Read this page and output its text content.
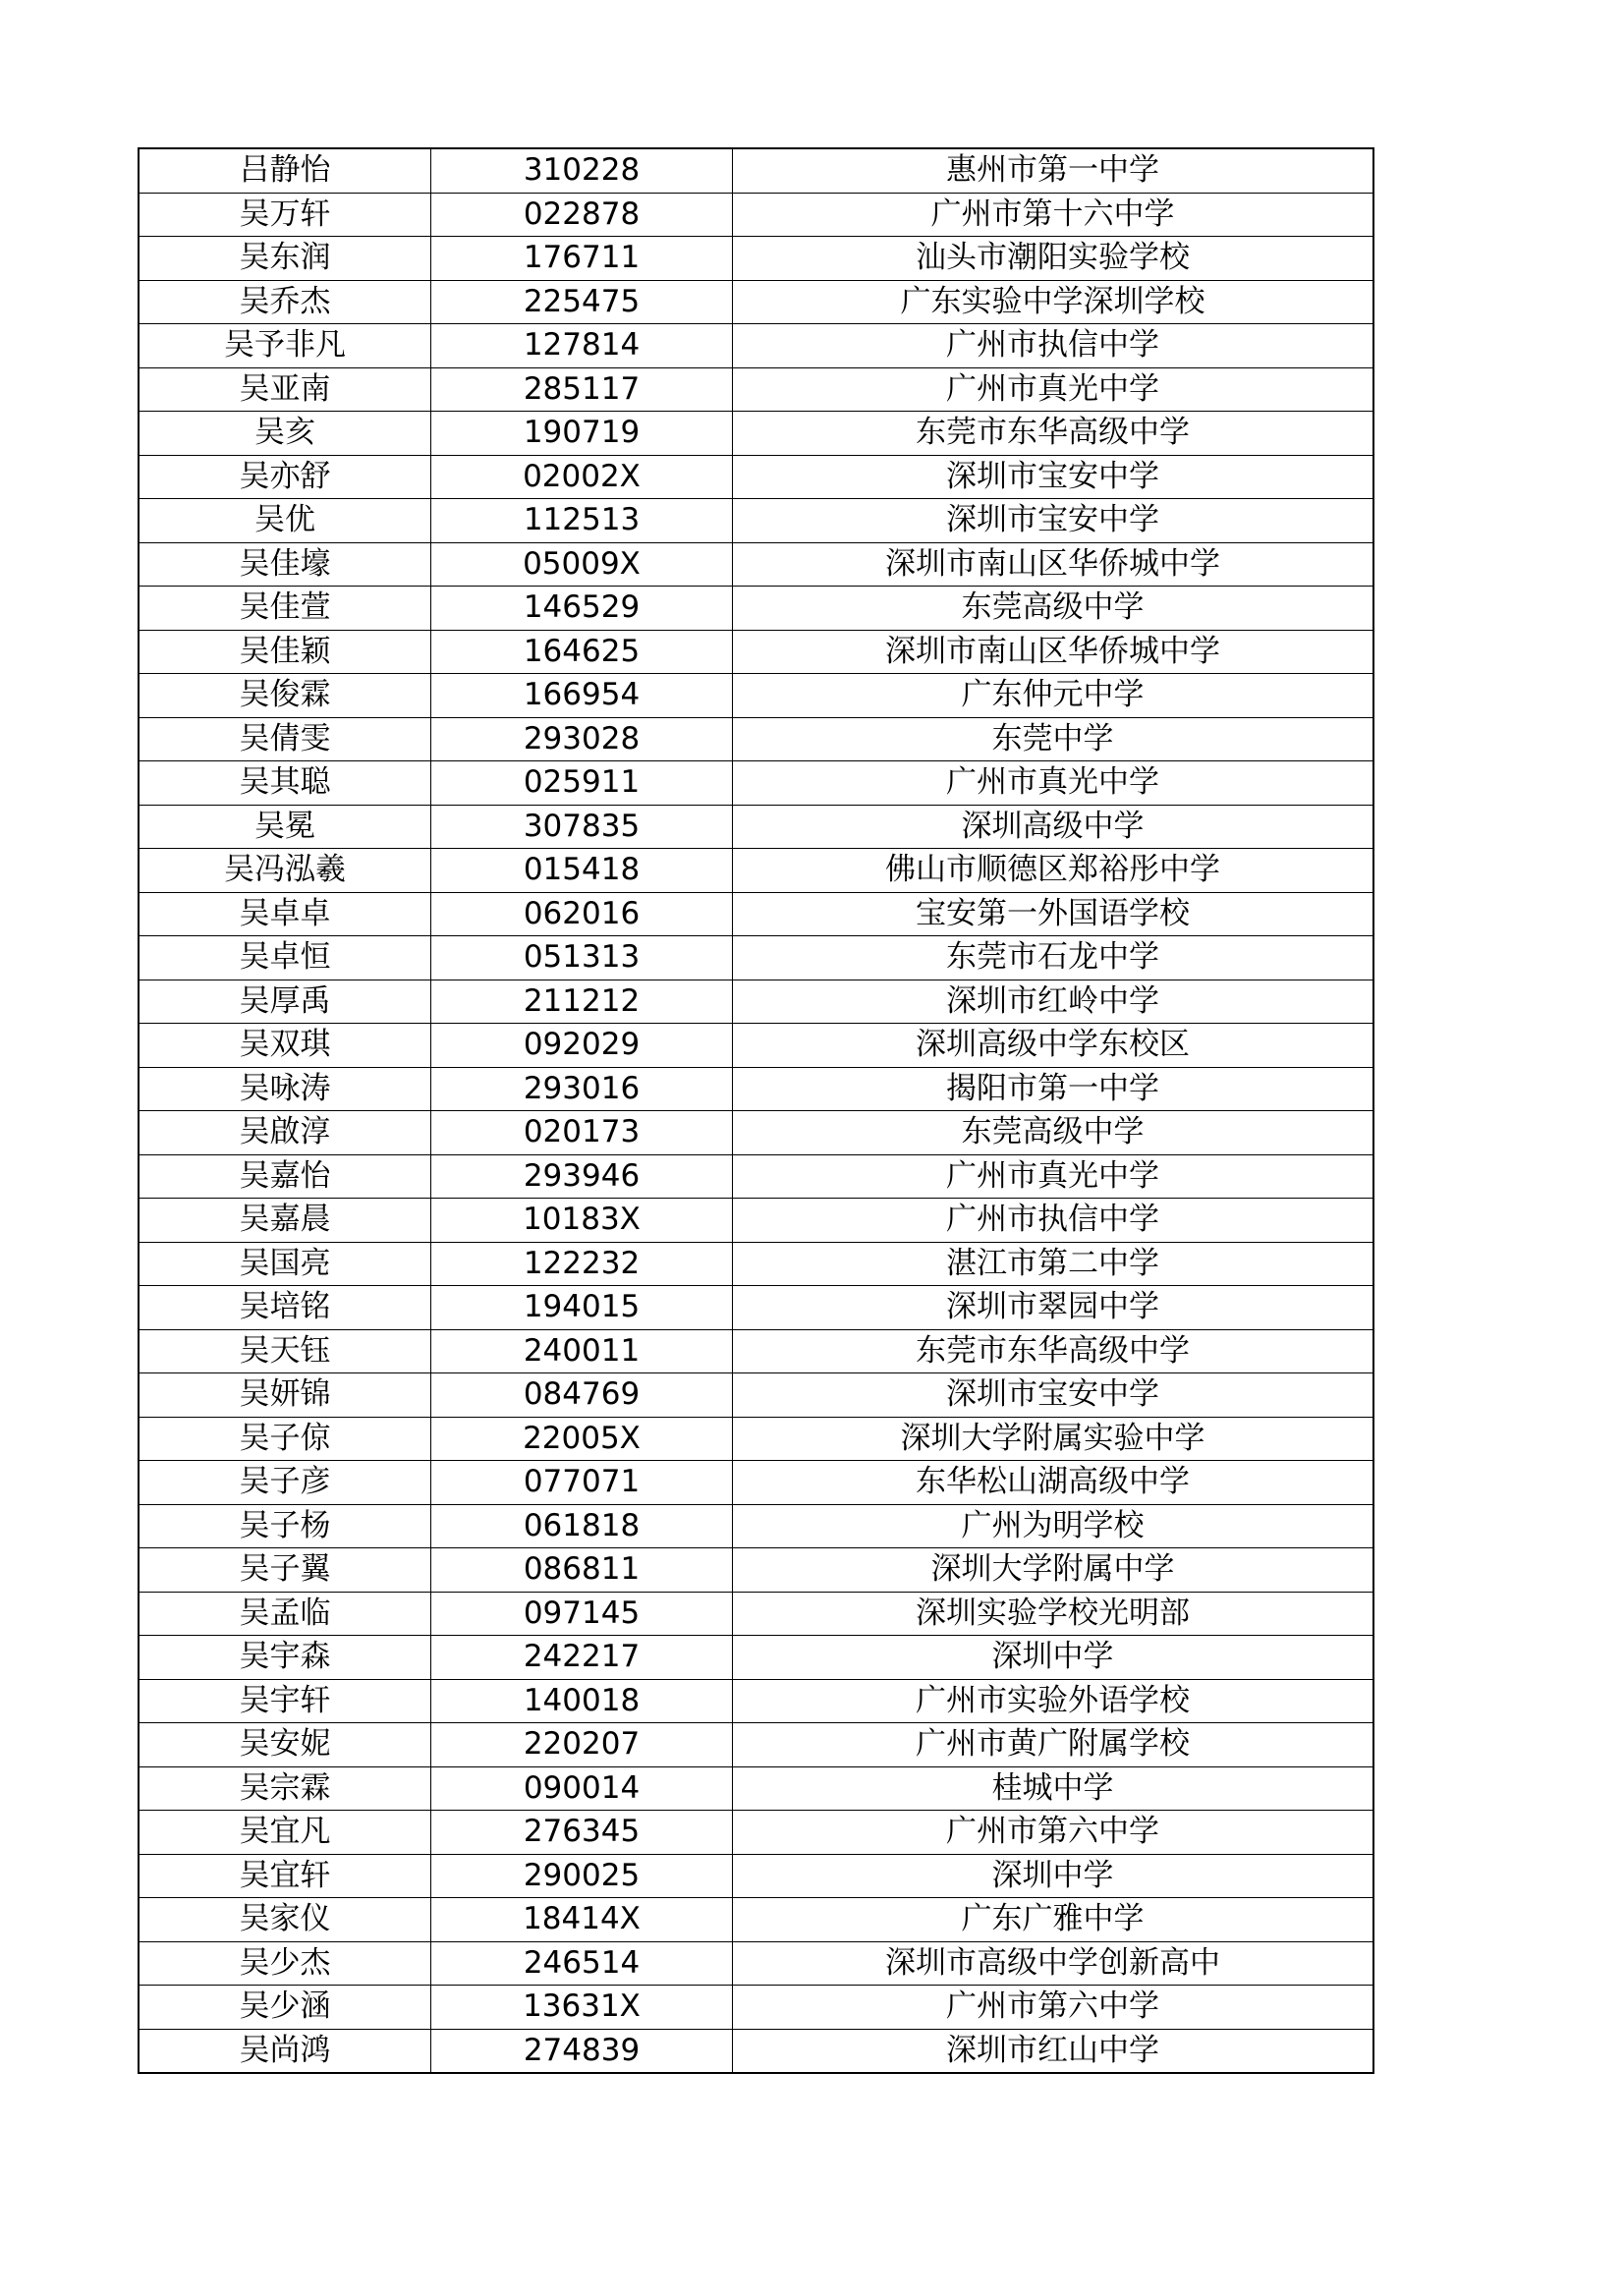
吕静怡	310228	惠州市第一中学
吴万轩	022878	广州市第十六中学
吴东润	176711	汕头市潮阳实验学校
吴乔杰	225475	广东实验中学深圳学校
吴予非凡	127814	广州市执信中学
吴亚南	285117	广州市真光中学
吴亥	190719	东莞市东华高级中学
吴亦舒	02002X	深圳市宝安中学
吴优	112513	深圳市宝安中学
吴佳壕	05009X	深圳市南山区华侨城中学
吴佳萱	146529	东莞高级中学
吴佳颖	164625	深圳市南山区华侨城中学
吴俊霖	166954	广东仲元中学
吴倩雯	293028	东莞中学
吴其聪	025911	广州市真光中学
吴冕	307835	深圳高级中学
吴冯泓羲	015418	佛山市顺德区郑裕彤中学
吴卓卓	062016	宝安第一外国语学校
吴卓恒	051313	东莞市石龙中学
吴厚禹	211212	深圳市红岭中学
吴双琪	092029	深圳高级中学东校区
吴咏涛	293016	揭阳市第一中学
吴啟淳	020173	东莞高级中学
吴嘉怡	293946	广州市真光中学
吴嘉晨	10183X	广州市执信中学
吴国亮	122232	湛江市第二中学
吴培铭	194015	深圳市翠园中学
吴天钰	240011	东莞市东华高级中学
吴妍锦	084769	深圳市宝安中学
吴子倞	22005X	深圳大学附属实验中学
吴子彦	077071	东华松山湖高级中学
吴子杨	061818	广州为明学校
吴子翼	086811	深圳大学附属中学
吴孟临	097145	深圳实验学校光明部
吴宇森	242217	深圳中学
吴宇轩	140018	广州市实验外语学校
吴安妮	220207	广州市黄广附属学校
吴宗霖	090014	桂城中学
吴宜凡	276345	广州市第六中学
吴宜轩	290025	深圳中学
吴家仪	18414X	广东广雅中学
吴少杰	246514	深圳市高级中学创新高中
吴少涵	13631X	广州市第六中学
吴尚鸿	274839	深圳市红山中学
